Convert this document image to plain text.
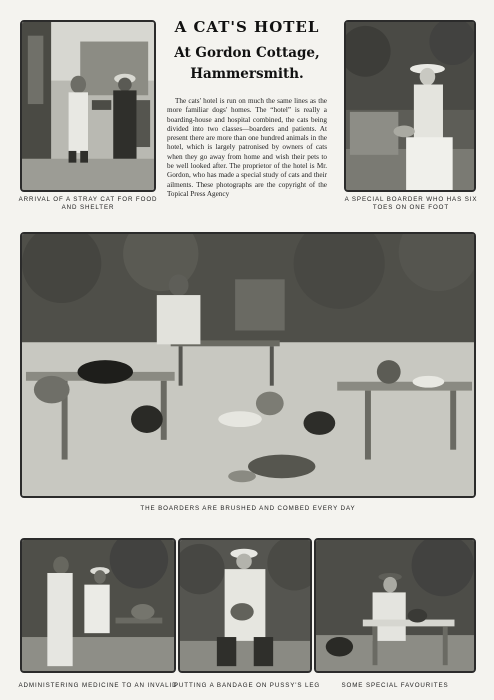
ARRIVAL OF A STRAY CAT FOR FOOD AND SHELTER
A CAT'S HOTEL
At Gordon Cottage,
Hammersmith.
The cats' hotel is run on much the same lines as the more familiar dogs' homes. The “hotel” is really a boarding-house and hospital combined, the cats being divided into two classes—boarders and patients. At present there are more than one hundred animals in the hotel, which is largely patronised by owners of cats when they go away from home and wish their pets to be well looked after. The proprietor of the hotel is Mr. Gordon, who has made a special study of cats and their ailments. These photographs are the copyright of the Topical Press Agency
A SPECIAL BOARDER WHO HAS SIX TOES ON ONE FOOT
THE BOARDERS ARE BRUSHED AND COMBED EVERY DAY
ADMINISTERING MEDICINE TO AN INVALID
PUTTING A BANDAGE ON PUSSY'S LEG	SOME SPECIAL FAVOURITES
